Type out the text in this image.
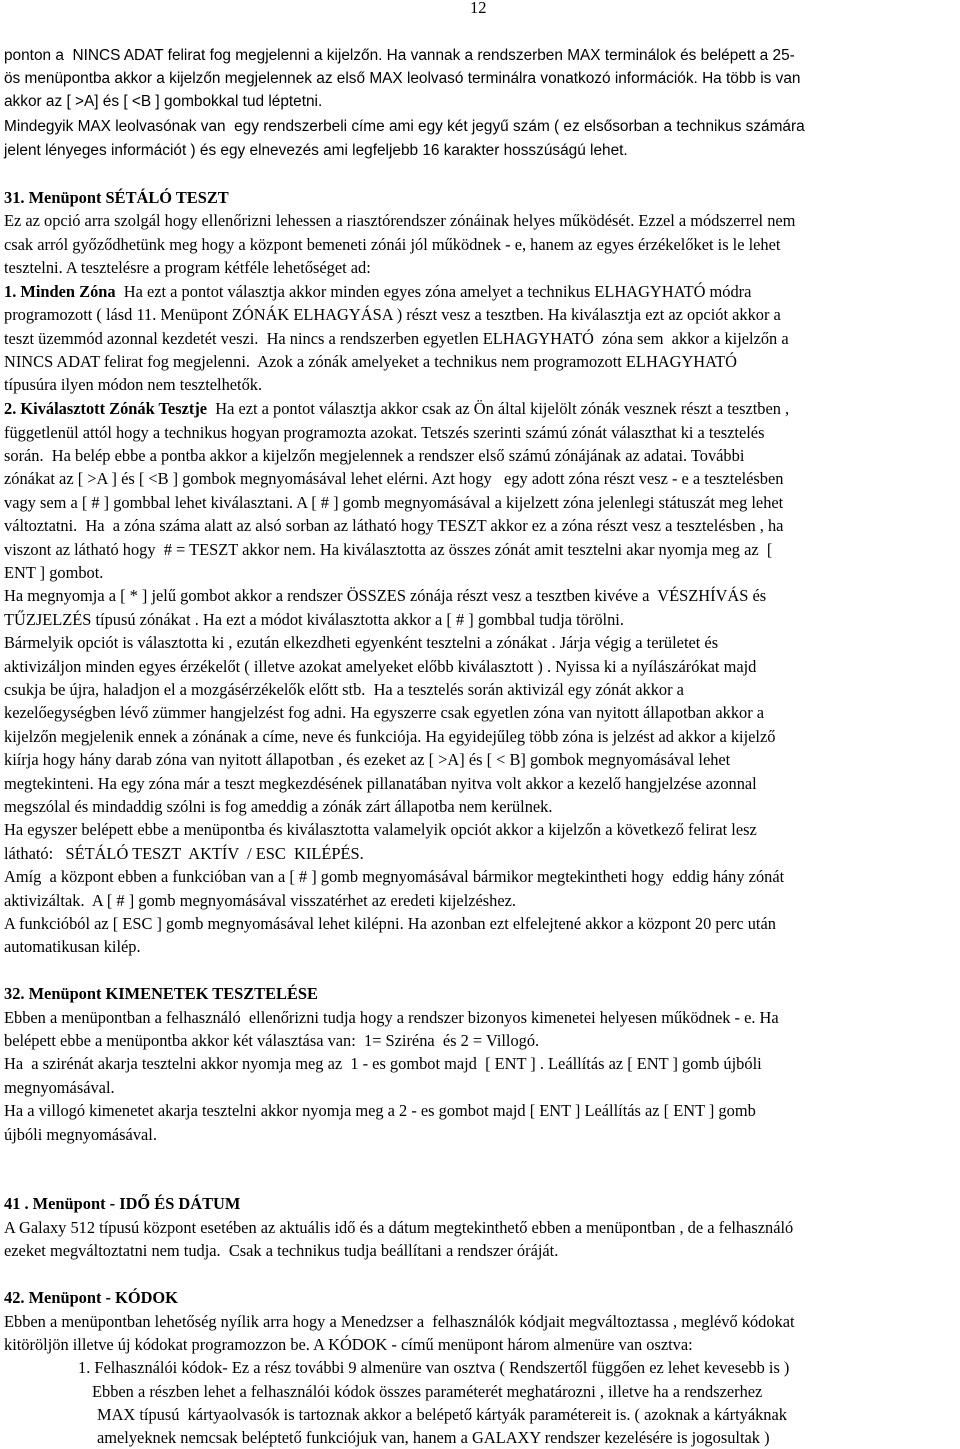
12
ponton a  NINCS ADAT felirat fog megjelenni a kijelzőn. Ha vannak a rendszerben MAX terminálok és belépett a 25-
ös menüpontba akkor a kijelzőn megjelennek az első MAX leolvasó terminálra vonatkozó információk. Ha több is van
akkor az [ >A] és [ <B ] gombokkal tud léptetni.
Mindegyik MAX leolvasónak van  egy rendszerbeli címe ami egy két jegyű szám ( ez elsősorban a technikus számára
jelent lényeges információt ) és egy elnevezés ami legfeljebb 16 karakter hosszúságú lehet.
31. Menüpont SÉTÁLÓ TESZT
Ez az opció arra szolgál hogy ellenőrizni lehessen a riasztórendszer zónáinak helyes működését. Ezzel a módszerrel nem
csak arról győződhetünk meg hogy a központ bemeneti zónái jól működnek - e, hanem az egyes érzékelőket is le lehet
tesztelni. A tesztelésre a program kétféle lehetőséget ad:
1. Minden Zóna  Ha ezt a pontot választja akkor minden egyes zóna amelyet a technikus ELHAGYHATÓ módra
programozott ( lásd 11. Menüpont ZÓNÁK ELHAGYÁSA ) részt vesz a tesztben. Ha kiválasztja ezt az opciót akkor a
teszt üzemmód azonnal kezdetét veszi.  Ha nincs a rendszerben egyetlen ELHAGYHATÓ  zóna sem  akkor a kijelzőn a
NINCS ADAT felirat fog megjelenni.  Azok a zónák amelyeket a technikus nem programozott ELHAGYHATÓ
típusúra ilyen módon nem tesztelhetők.
2. Kiválasztott Zónák Tesztje  Ha ezt a pontot választja akkor csak az Ön által kijelölt zónák vesznek részt a tesztben ,
függetlenül attól hogy a technikus hogyan programozta azokat. Tetszés szerinti számú zónát választhat ki a tesztelés
során.  Ha belép ebbe a pontba akkor a kijelzőn megjelennek a rendszer első számú zónájának az adatai. További
zónákat az [ >A ] és [ <B ] gombok megnyomásával lehet elérni. Azt hogy   egy adott zóna részt vesz - e a tesztelésben
vagy sem a [ # ] gombbal lehet kiválasztani. A [ # ] gomb megnyomásával a kijelzett zóna jelenlegi státuszát meg lehet
változtatni.  Ha  a zóna száma alatt az alsó sorban az látható hogy TESZT akkor ez a zóna részt vesz a tesztelésben , ha
viszont az látható hogy  # = TESZT akkor nem. Ha kiválasztotta az összes zónát amit tesztelni akar nyomja meg az  [
ENT ] gombot.
Ha megnyomja a [ * ] jelű gombot akkor a rendszer ÖSSZES zónája részt vesz a tesztben kivéve a  VÉSZHÍVÁS és
TŰZJELZÉS típusú zónákat . Ha ezt a módot kiválasztotta akkor a [ # ] gombbal tudja törölni.
Bármelyik opciót is választotta ki , ezután elkezdheti egyenként tesztelni a zónákat . Járja végig a területet és
aktivizáljon minden egyes érzékelőt ( illetve azokat amelyeket előbb kiválasztott ) . Nyissa ki a nyílászárókat majd
csukja be újra, haladjon el a mozgásérzékelők előtt stb.  Ha a tesztelés során aktivizál egy zónát akkor a
kezelőegységben lévő zümmer hangjelzést fog adni. Ha egyszerre csak egyetlen zóna van nyitott állapotban akkor a
kijelzőn megjelenik ennek a zónának a címe, neve és funkciója. Ha egyidejűleg több zóna is jelzést ad akkor a kijelző
kiírja hogy hány darab zóna van nyitott állapotban , és ezeket az [ >A] és [ < B] gombok megnyomásával lehet
megtekinteni. Ha egy zóna már a teszt megkezdésének pillanatában nyitva volt akkor a kezelő hangjelzése azonnal
megszólal és mindaddig szólni is fog ameddig a zónák zárt állapotba nem kerülnek.
Ha egyszer belépett ebbe a menüpontba és kiválasztotta valamelyik opciót akkor a kijelzőn a következő felirat lesz
látható:   SÉTÁLÓ TESZT  AKTÍV  / ESC  KILÉPÉS.
Amíg  a központ ebben a funkcióban van a [ # ] gomb megnyomásával bármikor megtekintheti hogy  eddig hány zónát
aktivizáltak.  A [ # ] gomb megnyomásával visszatérhet az eredeti kijelzéshez.
A funkcióból az [ ESC ] gomb megnyomásával lehet kilépni. Ha azonban ezt elfelejtené akkor a központ 20 perc után
automatikusan kilép.
32. Menüpont KIMENETEK TESZTELÉSE
Ebben a menüpontban a felhasználó  ellenőrizni tudja hogy a rendszer bizonyos kimenetei helyesen működnek - e. Ha
belépett ebbe a menüpontba akkor két választása van:  1= Sziréna  és 2 = Villogó.
Ha  a szirénát akarja tesztelni akkor nyomja meg az  1 - es gombot majd  [ ENT ] . Leállítás az [ ENT ] gomb újbóli
megnyomásával.
Ha a villogó kimenetet akarja tesztelni akkor nyomja meg a 2 - es gombot majd [ ENT ] Leállítás az [ ENT ] gomb
újbóli megnyomásával.
41 . Menüpont - IDŐ ÉS DÁTUM
A Galaxy 512 típusú központ esetében az aktuális idő és a dátum megtekinthető ebben a menüpontban , de a felhasználó
ezeket megváltoztatni nem tudja.  Csak a technikus tudja beállítani a rendszer óráját.
42. Menüpont - KÓDOK
Ebben a menüpontban lehetőség nyílik arra hogy a Menedzser a  felhasználók kódjait megváltoztassa , meglévő kódokat
kitöröljön illetve új kódokat programozzon be. A KÓDOK - című menüpont három almenüre van osztva:
1. Felhasználói kódok- Ez a rész további 9 almenüre van osztva ( Rendszertől függően ez lehet kevesebb is )
Ebben a részben lehet a felhasználói kódok összes paraméterét meghatározni , illetve ha a rendszerhez
MAX típusú  kártyaolvasók is tartoznak akkor a belépető kártyák paramétereit is. ( azoknak a kártyáknak
amelyeknek nemcsak beléptető funkciójuk van, hanem a GALAXY rendszer kezelésére is jogosultak )
